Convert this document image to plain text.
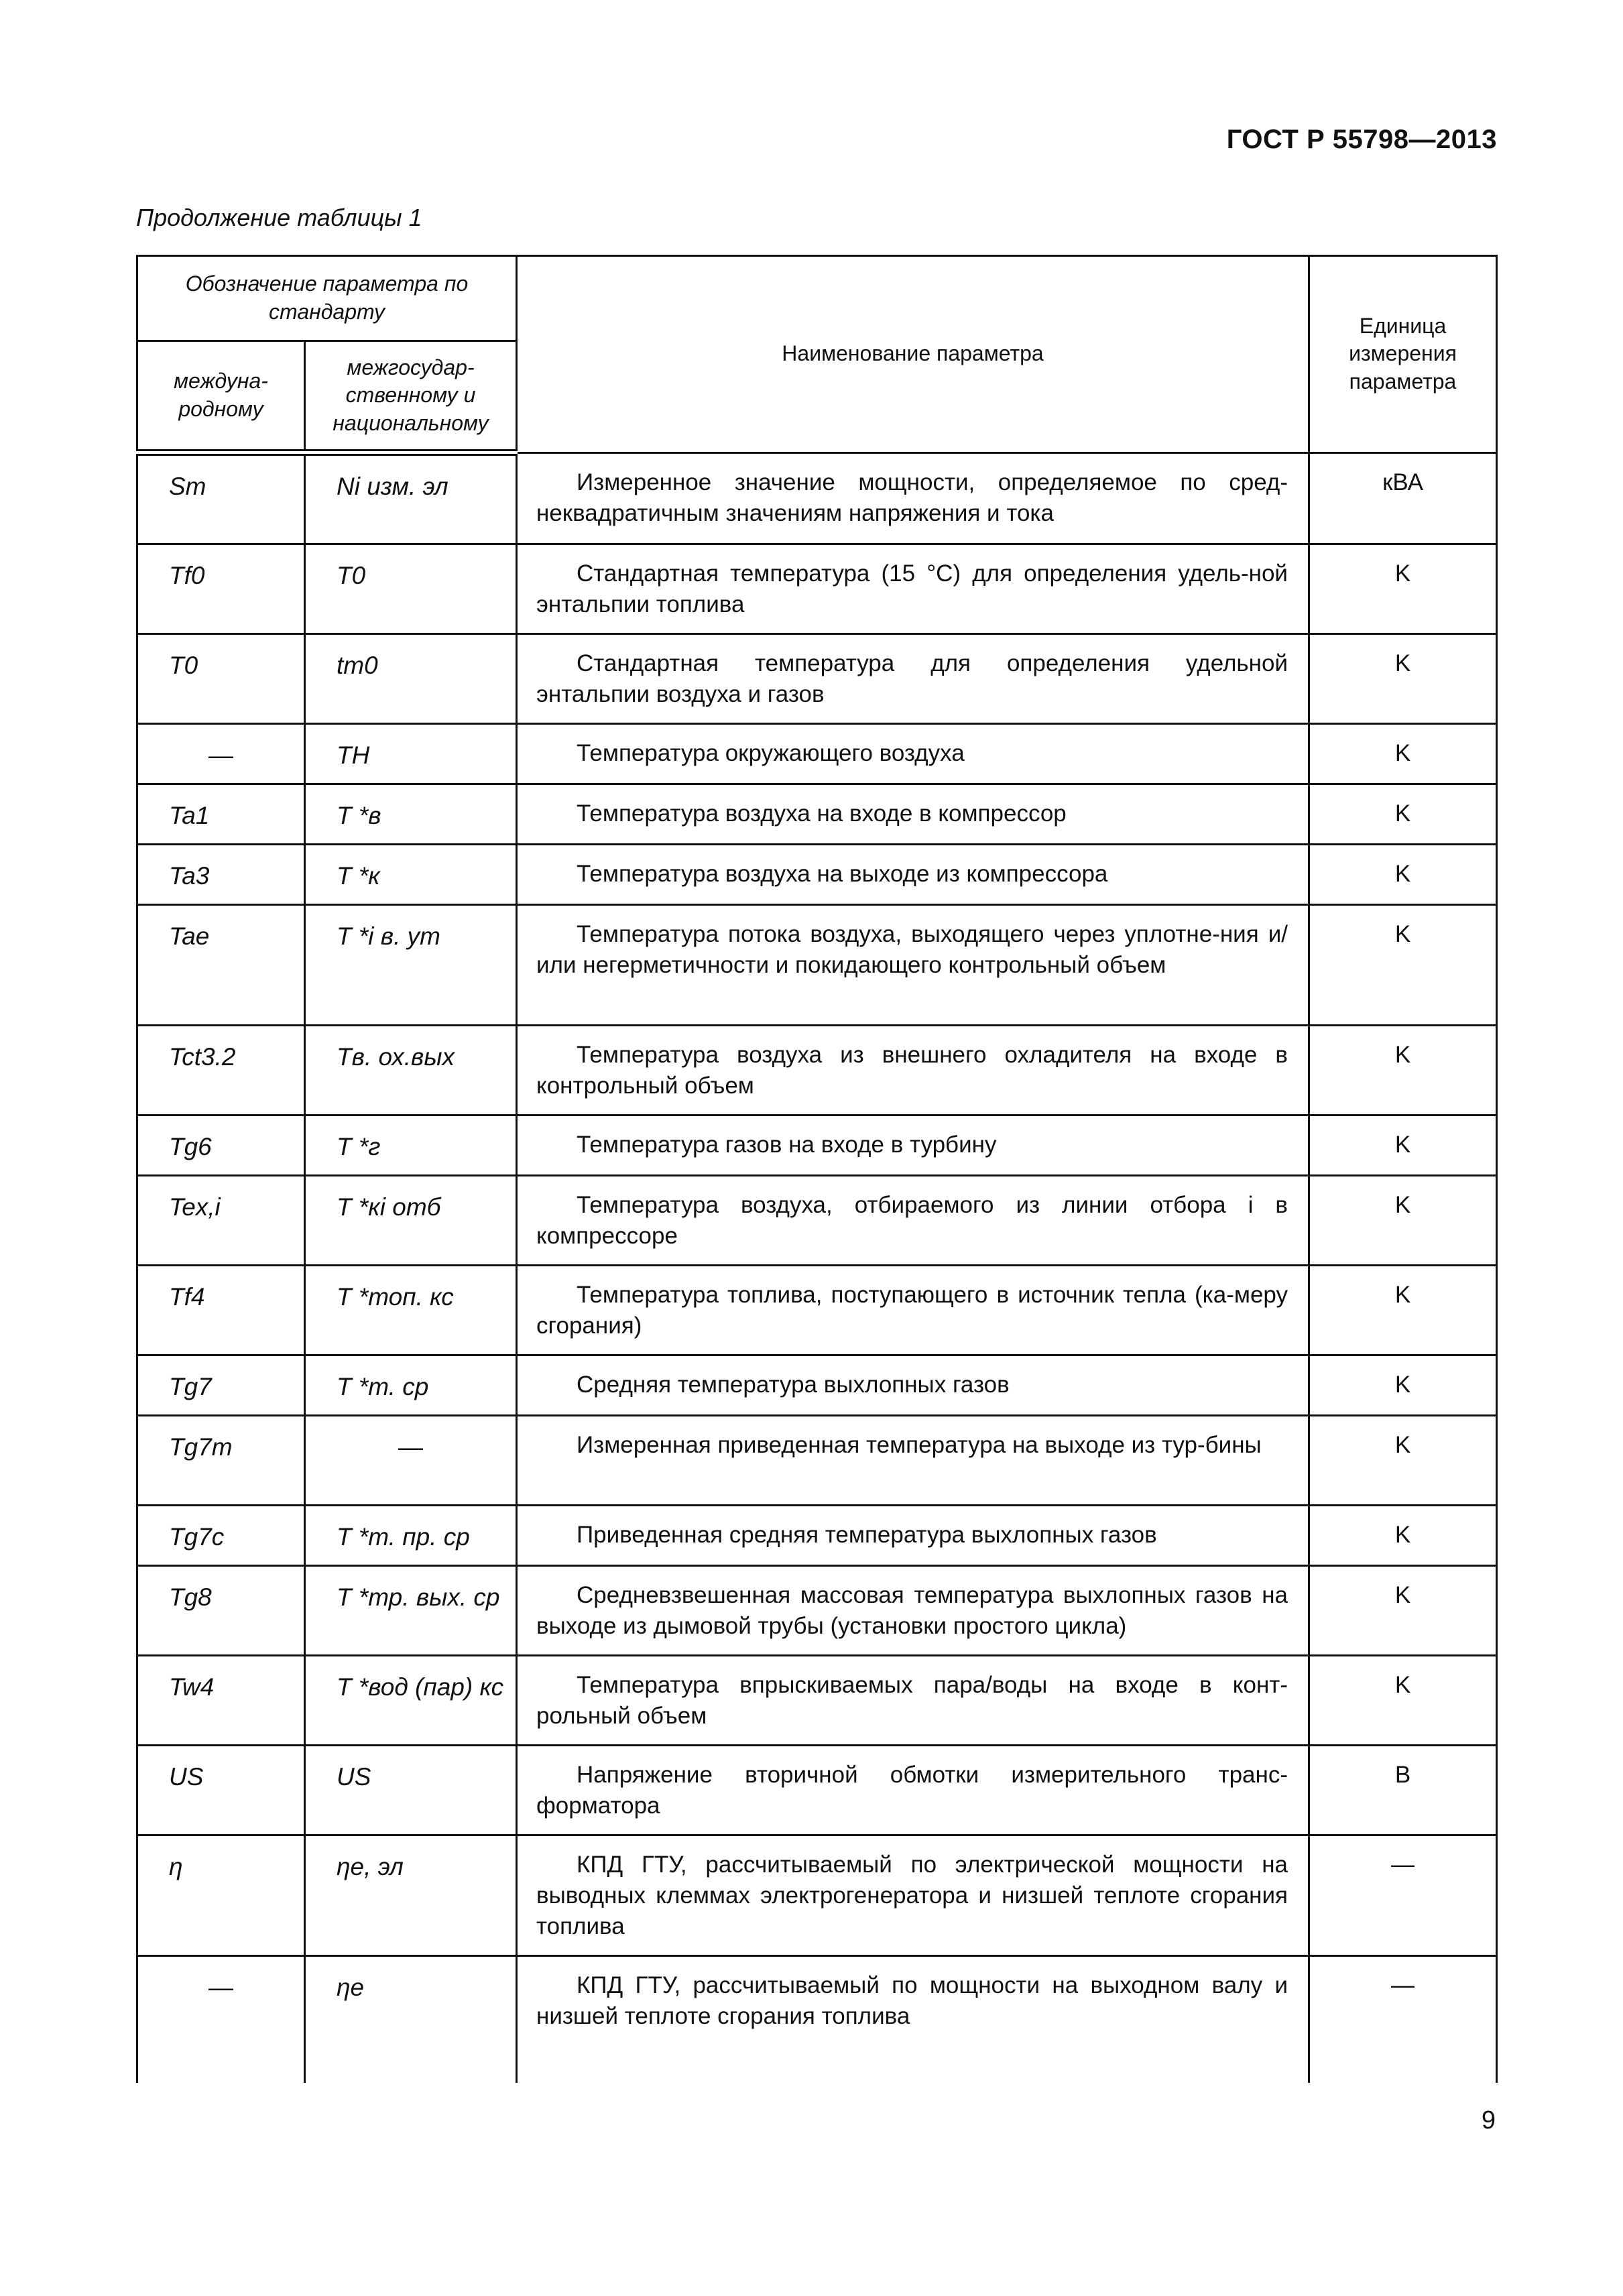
ГОСТ Р 55798—2013
Продолжение таблицы 1
Обозначение параметра по стандарту		Наименование параметра	Единица измерения параметра
междуна-родному	межгосудар-ственному и национальному		
Sm	Ni изм. эл	Измеренное значение мощности, определяемое по сред-неквадратичным значениям напряжения и тока	кВА
Tf0	T0	Стандартная температура (15 °С) для определения удель-ной энтальпии топлива	K
T0	tm0	Стандартная температура для определения удельной энтальпии воздуха и газов	K
—	TH	Температура окружающего воздуха	K
Ta1	T *в	Температура воздуха на входе в компрессор	K
Ta3	T *к	Температура воздуха на выходе из компрессора	K
Tae	T *i в. ут	Температура потока воздуха, выходящего через уплотне-ния и/или негерметичности и покидающего контрольный объем	K
Tct3.2	Tв. ох.вых	Температура воздуха из внешнего охладителя на входе в контрольный объем	K
Tg6	T *г	Температура газов на входе в турбину	K
Tex,i	T *кi отб	Температура воздуха, отбираемого из линии отбора i в компрессоре	K
Tf4	T *топ. кс	Температура топлива, поступающего в источник тепла (ка-меру сгорания)	K
Tg7	T *т. ср	Средняя температура выхлопных газов	K
Tg7m	—	Измеренная приведенная температура на выходе из тур-бины	K
Tg7c	T *т. пр. ср	Приведенная средняя температура выхлопных газов	K
Tg8	T *тр. вых. ср	Средневзвешенная массовая температура выхлопных газов на выходе из дымовой трубы (установки простого цикла)	K
Tw4	T *вод (пар) кс	Температура впрыскиваемых пара/воды на входе в конт-рольный объем	K
US	US	Напряжение вторичной обмотки измерительного транс-форматора	В
η	ηe, эл	КПД ГТУ, рассчитываемый по электрической мощности на выводных клеммах электрогенератора и низшей теплоте сгорания топлива	—
—	ηe	КПД ГТУ, рассчитываемый по мощности на выходном валу и низшей теплоте сгорания топлива	—
9
